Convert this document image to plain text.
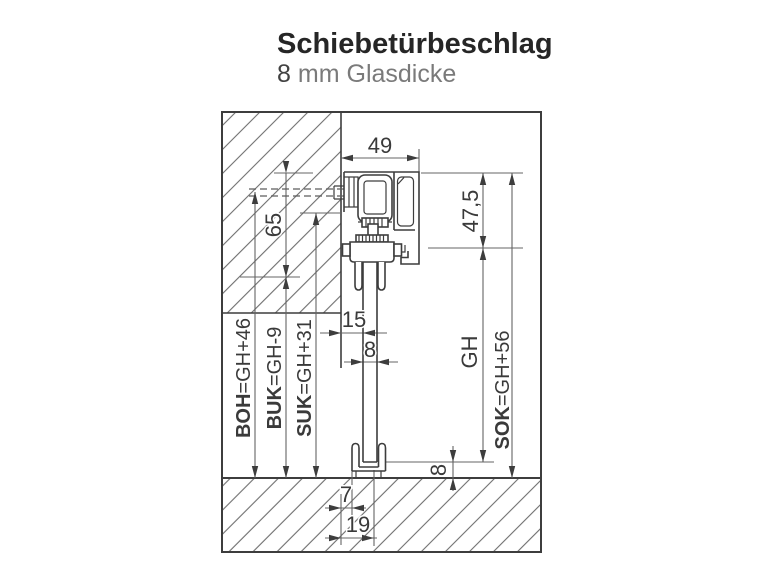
Schiebetürbeschlag
8 mm Glasdicke
49
65	47,5
15
8	GH
8
7
19
BOH=GH+46
BUK=GH-9
SUK=GH+31
SOK=GH+56
